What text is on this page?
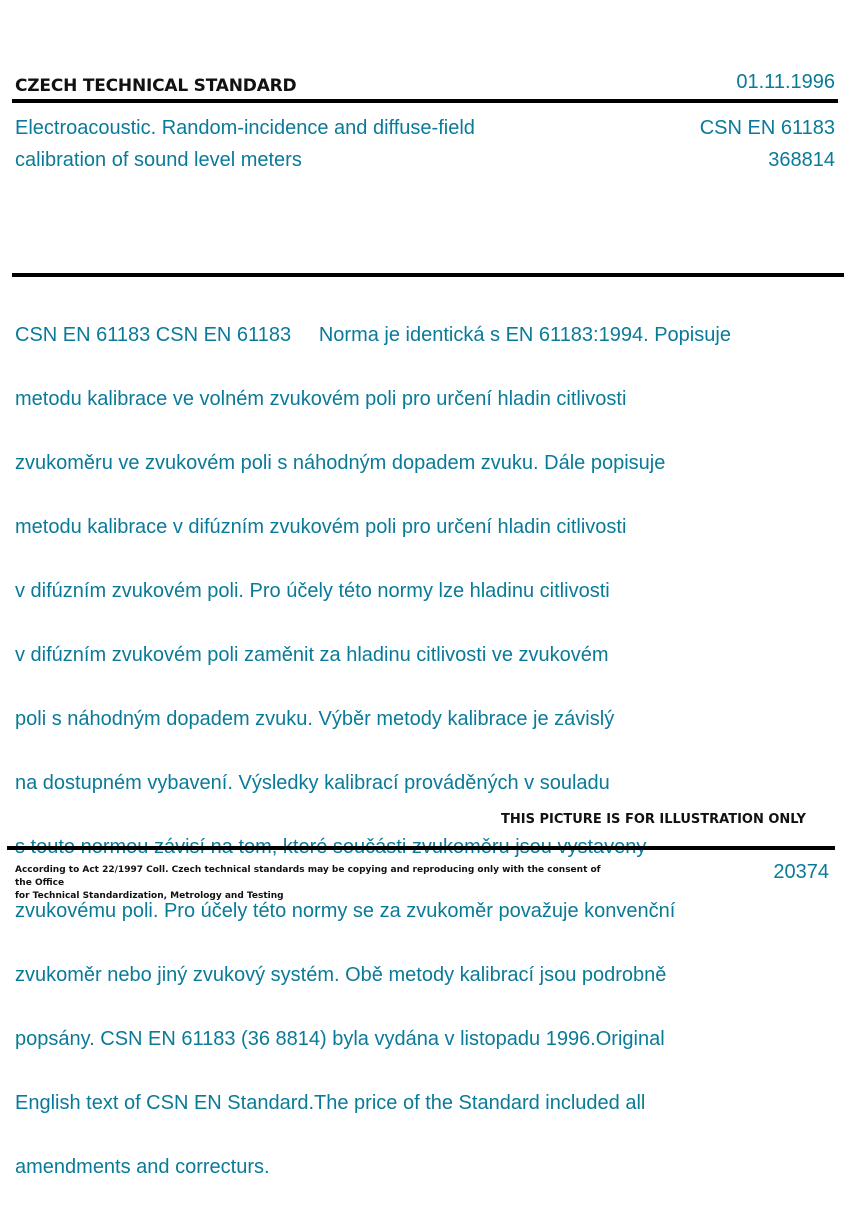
CZECH TECHNICAL STANDARD	01.11.1996
Electroacoustic. Random-incidence and diffuse-field
calibration of sound level meters
CSN EN 61183
368814

CSN EN 61183 CSN EN 61183     Norma je identická s EN 61183:1994. Popisuje

metodu kalibrace ve volném zvukovém poli pro určení hladin citlivosti

zvukoměru ve zvukovém poli s náhodným dopadem zvuku. Dále popisuje

metodu kalibrace v difúzním zvukovém poli pro určení hladin citlivosti

v difúzním zvukovém poli. Pro účely této normy lze hladinu citlivosti

v difúzním zvukovém poli zaměnit za hladinu citlivosti ve zvukovém

poli s náhodným dopadem zvuku. Výběr metody kalibrace je závislý

na dostupném vybavení. Výsledky kalibrací prováděných v souladu

zvukovému poli. Pro účely této normy se za zvukoměr považuje konvenční

zvukoměr nebo jiný zvukový systém. Obě metody kalibrací jsou podrobně

popsány. CSN EN 61183 (36 8814) byla vydána v listopadu 1996.Original

English text of CSN EN Standard.The price of the Standard included all

amendments and correcturs.

THIS PICTURE IS FOR ILLUSTRATION ONLY
According to Act 22/1997 Coll. Czech technical standards may be copying and reproducing only with the consent of the Office
for Technical Standardization, Metrology and Testing
20374
